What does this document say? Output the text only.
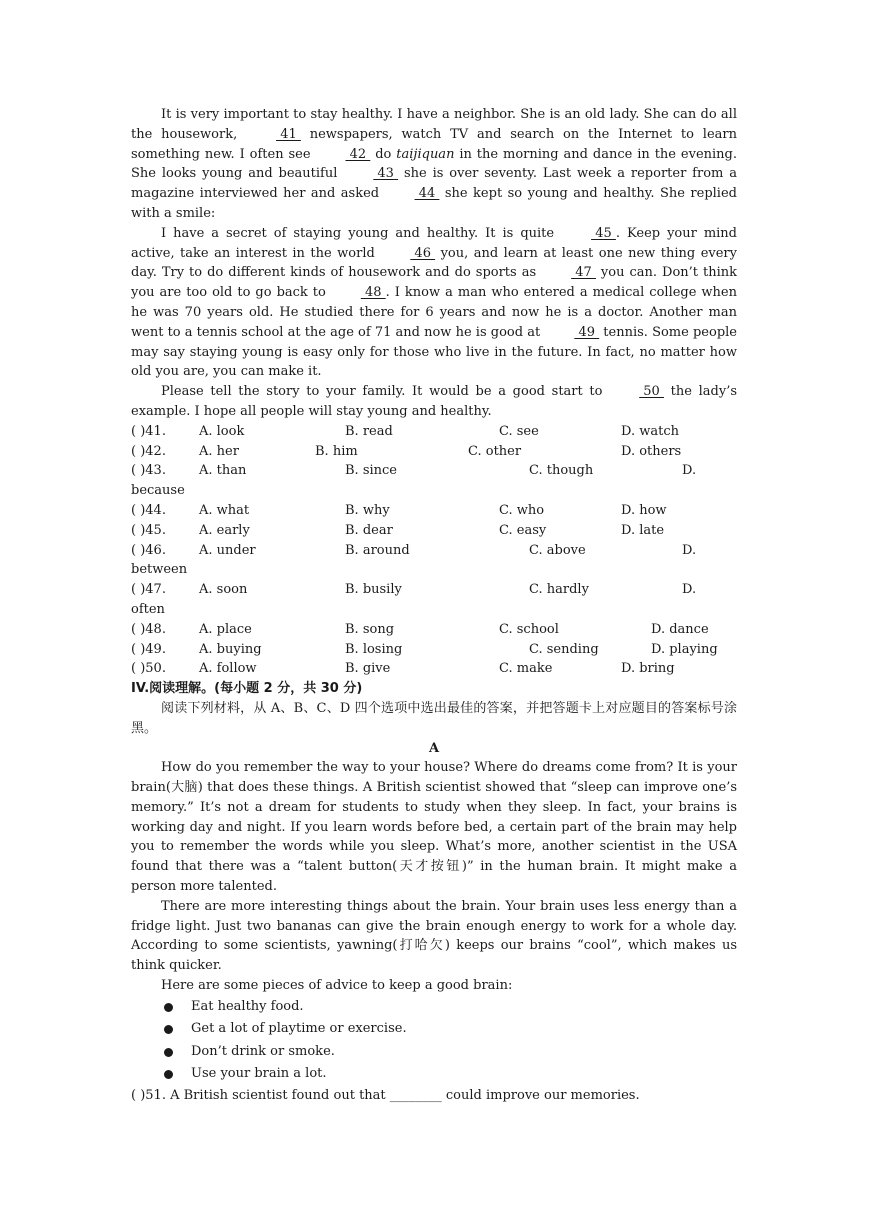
It is very important to stay healthy. I have a neighbor. She is an old lady. She can do all the housework,  41  newspapers, watch TV and search on the Internet to learn something new. I often see  42  do taijiquan in the morning and dance in the evening. She looks young and beautiful  43  she is over seventy. Last week a reporter from a magazine interviewed her and asked  44  she kept so young and healthy. She replied with a smile:

I have a secret of staying young and healthy. It is quite  45 . Keep your mind active, take an interest in the world  46  you, and learn at least one new thing every day. Try to do different kinds of housework and do sports as  47  you can. Don’t think you are too old to go back to  48 . I know a man who entered a medical college when he was 70 years old. He studied there for 6 years and now he is a doctor. Another man went to a tennis school at the age of 71 and now he is good at  49  tennis. Some people may say staying young is easy only for those who live in the future. In fact, no matter how old you are, you can make it.

Please tell the story to your family. It would be a good start to  50  the lady’s example. I hope all people will stay young and healthy.

( )41.	A. look	B. read	C. see	D. watch
( )42.	A. her	B. him	C. other	D. others
( )43.	A. than	B. since	C. though	D.
because
( )44.	A. what	B. why	C. who	D. how
( )45.	A. early	B. dear	C. easy	D. late
( )46.	A. under	B. around	C. above	D.
between
( )47.	A. soon	B. busily	C. hardly	D.
often
( )48.	A. place	B. song	C. school	D. dance
( )49.	A. buying	B. losing	C. sending	D. playing
( )50.	A. follow	B. give	C. make	D. bring

IV.阅读理解。(每小题 2 分，共 30 分)

阅读下列材料，从 A、B、C、D 四个选项中选出最佳的答案，并把答题卡上对应题目的答案标号涂黑。

A

How do you remember the way to your house? Where do dreams come from? It is your brain(大脑) that does these things. A British scientist showed that “sleep can improve one’s memory.” It’s not a dream for students to study when they sleep. In fact, your brains is working day and night. If you learn words before bed, a certain part of the brain may help you to remember the words while you sleep. What’s more, another scientist in the USA found that there was a “talent button(天才按钮)” in the human brain. It might make a person more talented.

There are more interesting things about the brain. Your brain uses less energy than a fridge light. Just two bananas can give the brain enough energy to work for a whole day. According to some scientists, yawning(打哈欠) keeps our brains “cool”, which makes us think quicker.

Here are some pieces of advice to keep a good brain:

Eat healthy food.
Get a lot of playtime or exercise.
Don’t drink or smoke.
Use your brain a lot.

( )51. A British scientist found out that ________ could improve our memories.
